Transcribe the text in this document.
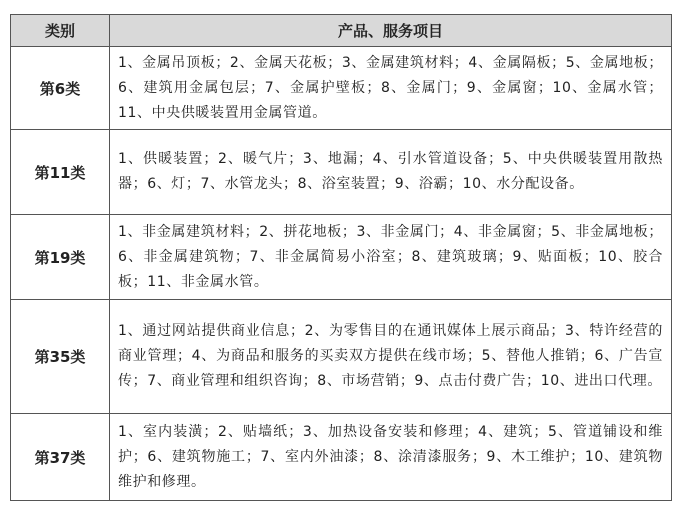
类别	产品、服务项目
第6类	1、金属吊顶板；2、金属天花板；3、金属建筑材料；4、金属隔板；5、金属地板；6、建筑用金属包层；7、金属护壁板；8、金属门；9、金属窗；10、金属水管；11、中央供暖装置用金属管道。
第11类	1、供暖装置；2、暖气片；3、地漏；4、引水管道设备；5、中央供暖装置用散热器；6、灯；7、水管龙头；8、浴室装置；9、浴霸；10、水分配设备。
第19类	1、非金属建筑材料；2、拼花地板；3、非金属门；4、非金属窗；5、非金属地板；6、非金属建筑物；7、非金属简易小浴室；8、建筑玻璃；9、贴面板；10、胶合板；11、非金属水管。
第35类	1、通过网站提供商业信息；2、为零售目的在通讯媒体上展示商品；3、特许经营的商业管理；4、为商品和服务的买卖双方提供在线市场；5、替他人推销；6、广告宣传；7、商业管理和组织咨询；8、市场营销；9、点击付费广告；10、进出口代理。
第37类	1、室内装潢；2、贴墙纸；3、加热设备安装和修理；4、建筑；5、管道铺设和维护；6、建筑物施工；7、室内外油漆；8、涂清漆服务；9、木工维护；10、建筑物维护和修理。
